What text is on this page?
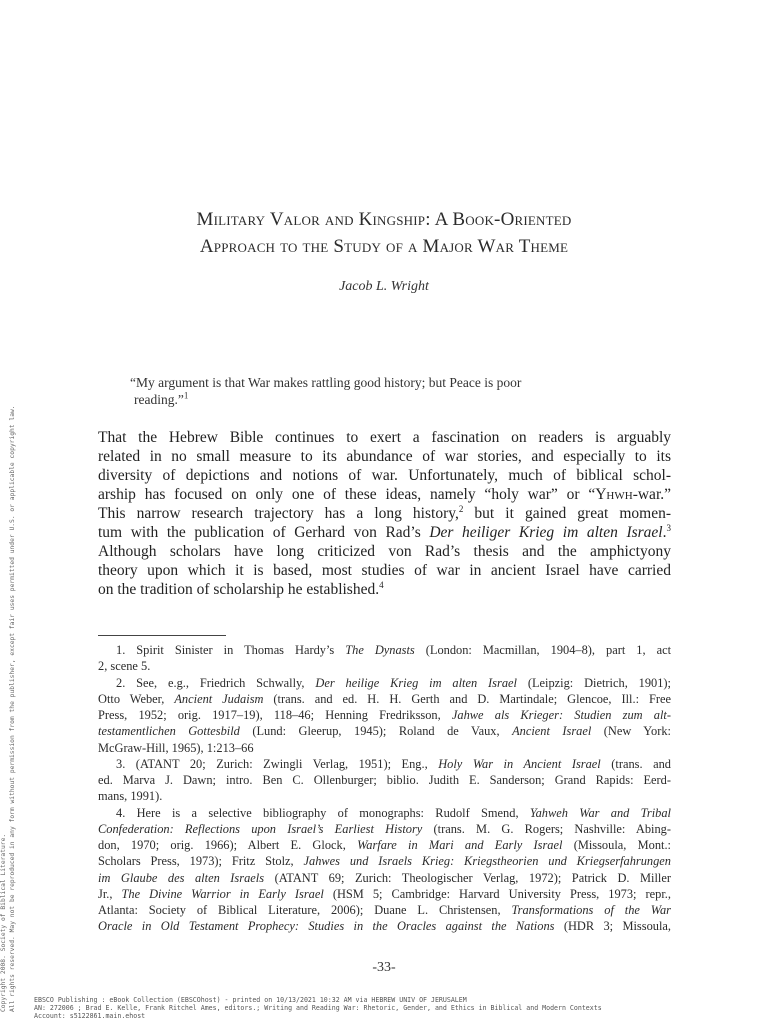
Military Valor and Kingship: A Book-Oriented
Approach to the Study of a Major War Theme
Jacob L. Wright
“My argument is that War makes rattling good history; but Peace is poor
reading.”$^1$
That the Hebrew Bible continues to exert a fascination on readers is arguably
related in no small measure to its abundance of war stories, and especially to its
diversity of depictions and notions of war. Unfortunately, much of biblical schol-
arship has focused on only one of these ideas, namely “holy war” or “Yhwh-war.”
This narrow research trajectory has a long history,$^2$ but it gained great momen-
tum with the publication of Gerhard von Rad’s Der heiliger Krieg im alten Israel.$^3$
Although scholars have long criticized von Rad’s thesis and the amphictyony
theory upon which it is based, most studies of war in ancient Israel have carried
on the tradition of scholarship he established.$^4$
1. Spirit Sinister in Thomas Hardy’s The Dynasts (London: Macmillan, 1904–8), part 1, act
2, scene 5.
2. See, e.g., Friedrich Schwally, Der heilige Krieg im alten Israel (Leipzig: Dietrich, 1901);
Otto Weber, Ancient Judaism (trans. and ed. H. H. Gerth and D. Martindale; Glencoe, Ill.: Free
Press, 1952; orig. 1917–19), 118–46; Henning Fredriksson, Jahwe als Krieger: Studien zum alt-
testamentlichen Gottesbild (Lund: Gleerup, 1945); Roland de Vaux, Ancient Israel (New York:
McGraw-Hill, 1965), 1:213–66
3. (ATANT 20; Zurich: Zwingli Verlag, 1951); Eng., Holy War in Ancient Israel (trans. and
ed. Marva J. Dawn; intro. Ben C. Ollenburger; biblio. Judith E. Sanderson; Grand Rapids: Eerd-
mans, 1991).
4. Here is a selective bibliography of monographs: Rudolf Smend, Yahweh War and Tribal
Confederation: Reflections upon Israel’s Earliest History (trans. M. G. Rogers; Nashville: Abing-
don, 1970; orig. 1966); Albert E. Glock, Warfare in Mari and Early Israel (Missoula, Mont.:
Scholars Press, 1973); Fritz Stolz, Jahwes und Israels Krieg: Kriegstheorien und Kriegserfahrungen
im Glaube des alten Israels (ATANT 69; Zurich: Theologischer Verlag, 1972); Patrick D. Miller
Jr., The Divine Warrior in Early Israel (HSM 5; Cambridge: Harvard University Press, 1973; repr.,
Atlanta: Society of Biblical Literature, 2006); Duane L. Christensen, Transformations of the War
Oracle in Old Testament Prophecy: Studies in the Oracles against the Nations (HDR 3; Missoula,
-33-
EBSCO Publishing : eBook Collection (EBSCOhost) - printed on 10/13/2021 10:32 AM via HEBREW UNIV OF JERUSALEM
AN: 272006 ; Brad E. Kelle, Frank Ritchel Ames, editors.; Writing and Reading War: Rhetoric, Gender, and Ethics in Biblical and Modern Contexts
Account: s5122861.main.ehost
Copyright 2008. Society of Biblical Literature. All rights reserved. May not be reproduced in any form without permission from the publisher, except fair uses permitted under U.S. or applicable copyright law.
